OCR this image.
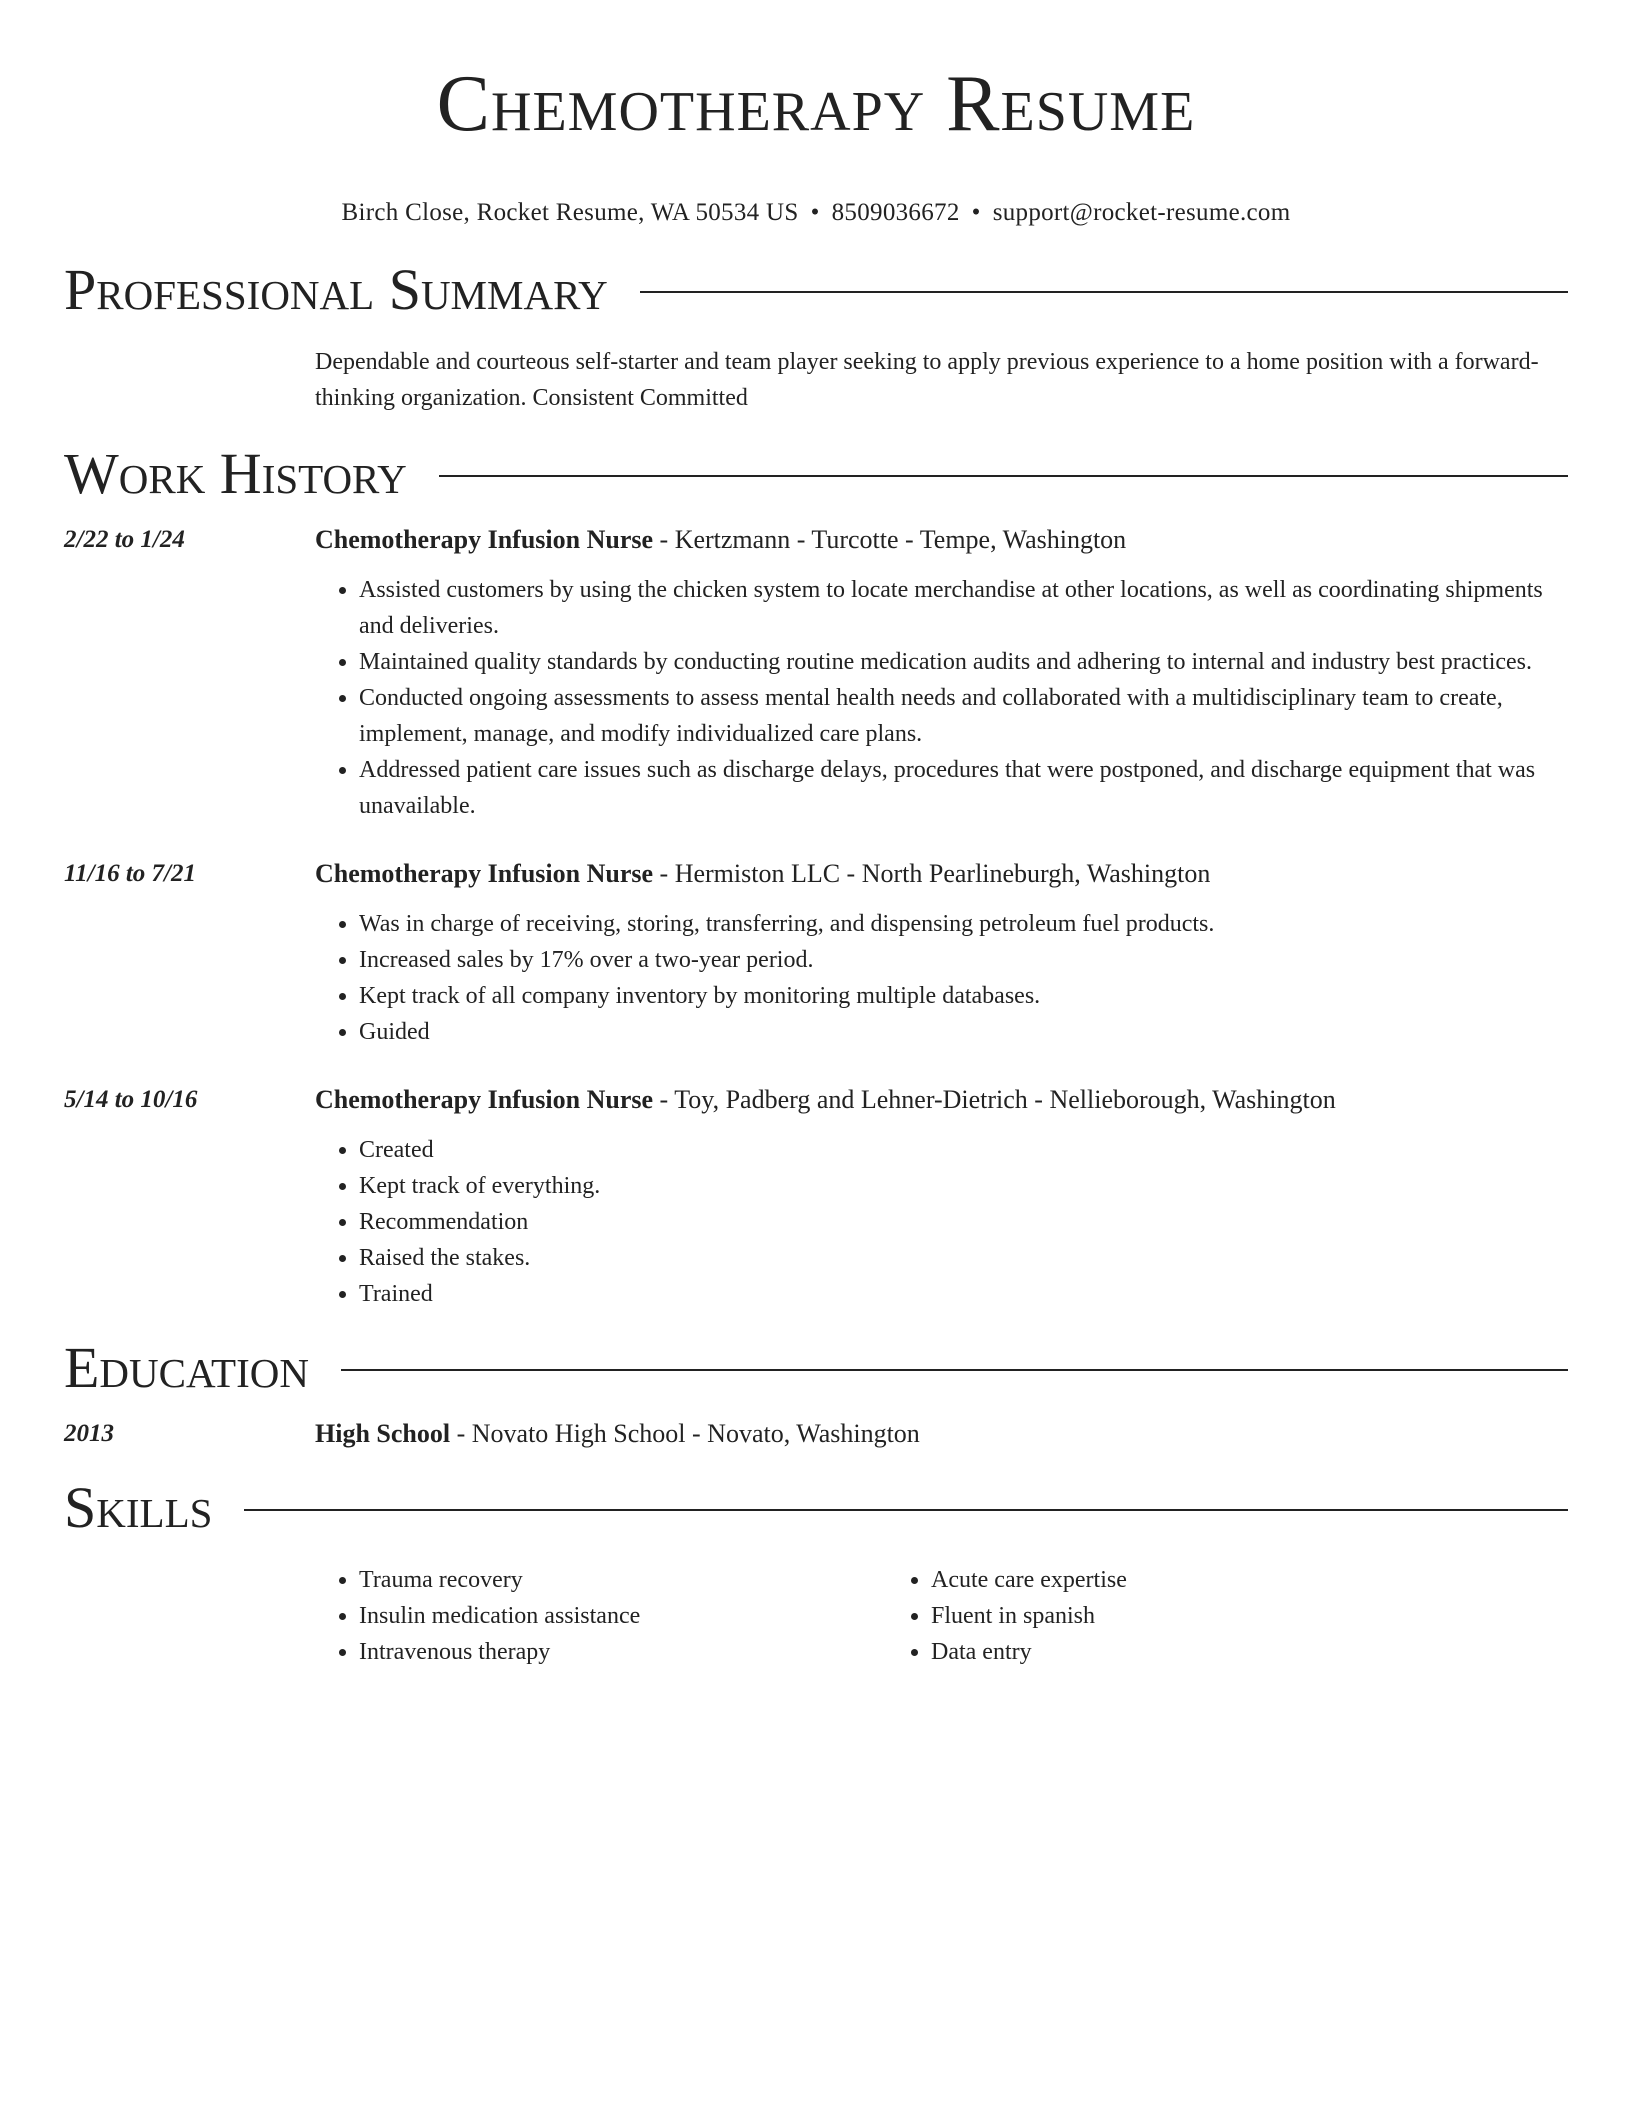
Chemotherapy Resume
Birch Close, Rocket Resume, WA 50534 US • 8509036672 • support@rocket-resume.com
Professional Summary
Dependable and courteous self-starter and team player seeking to apply previous experience to a home position with a forward-thinking organization. Consistent Committed
Work History
2/22 to 1/24	Chemotherapy Infusion Nurse - Kertzmann - Turcotte - Tempe, Washington
• Assisted customers by using the chicken system to locate merchandise at other locations, as well as coordinating shipments and deliveries.
• Maintained quality standards by conducting routine medication audits and adhering to internal and industry best practices.
• Conducted ongoing assessments to assess mental health needs and collaborated with a multidisciplinary team to create, implement, manage, and modify individualized care plans.
• Addressed patient care issues such as discharge delays, procedures that were postponed, and discharge equipment that was unavailable.
11/16 to 7/21	Chemotherapy Infusion Nurse - Hermiston LLC - North Pearlineburgh, Washington
• Was in charge of receiving, storing, transferring, and dispensing petroleum fuel products.
• Increased sales by 17% over a two-year period.
• Kept track of all company inventory by monitoring multiple databases.
• Guided
5/14 to 10/16	Chemotherapy Infusion Nurse - Toy, Padberg and Lehner-Dietrich - Nellieborough, Washington
• Created
• Kept track of everything.
• Recommendation
• Raised the stakes.
• Trained
Education
2013	High School - Novato High School - Novato, Washington
Skills
• Trauma recovery
• Insulin medication assistance
• Intravenous therapy
• Acute care expertise
• Fluent in spanish
• Data entry
